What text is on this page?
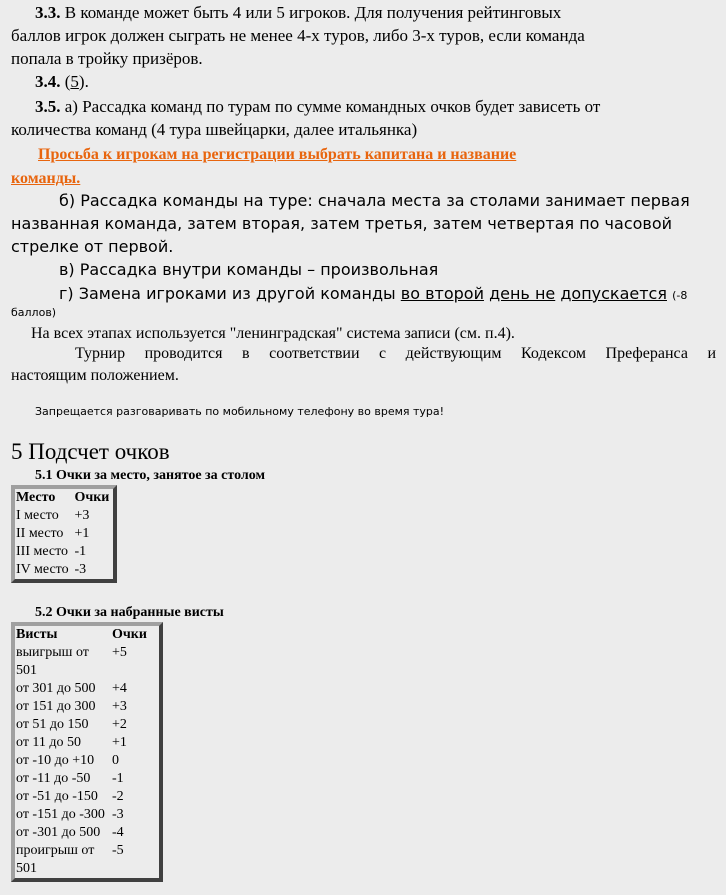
3.3. В команде может быть 4 или 5 игроков. Для получения рейтинговых
баллов игрок должен сыграть не менее 4-х туров, либо 3-х туров, если команда
попала в тройку призёров.

3.4. (5).

3.5. а) Рассадка команд по турам по сумме командных очков будет зависеть от
количества команд (4 тура швейцарки, далее итальянка)

Просьба к игрокам на регистрации выбрать капитана и название
команды.

б) Рассадка команды на туре: сначала места за столами занимает первая
названная команда, затем вторая, затем третья, затем четвертая по часовой
стрелке от первой.

в) Рассадка внутри команды – произвольная

г) Замена игроками из другой команды во второй день не допускается (-8

баллов)

На всех этапах используется "ленинградская" система записи (см. п.4).

Турнир проводится в соответствии с действующим Кодексом Преферанса и

настоящим положением.

Запрещается разговаривать по мобильному телефону во время тура!

5 Подсчет очков

5.1 Очки за место, занятое за столом

Место	Очки
I место	+3
II место	+1
III место	-1
IV место	-3

5.2 Очки за набранные висты

Висты	Очки
выигрыш от 501	+5
от 301 до 500	+4
от 151 до 300	+3
от 51 до 150	+2
от 11 до 50	+1
от -10 до +10	0
от -11 до -50	-1
от -51 до -150	-2
от -151 до -300	-3
от -301 до 500	-4
проигрыш от 501	-5
